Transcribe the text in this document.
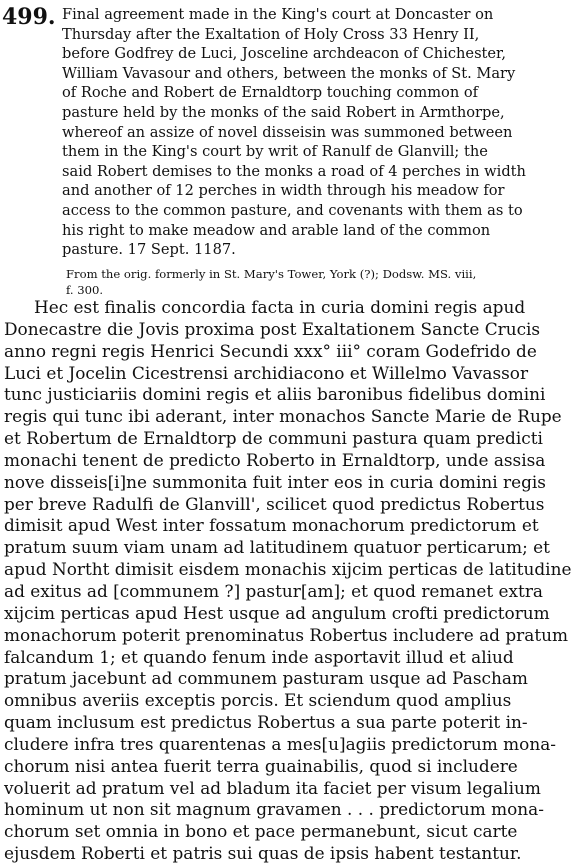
499. Final agreement made in the King's court at Doncaster on
Thursday after the Exaltation of Holy Cross 33 Henry II,
before Godfrey de Luci, Josceline archdeacon of Chichester,
William Vavasour and others, between the monks of St. Mary
of Roche and Robert de Ernaldtorp touching common of
pasture held by the monks of the said Robert in Armthorpe,
whereof an assize of novel disseisin was summoned between
them in the King's court by writ of Ranulf de Glanvill; the
said Robert demises to the monks a road of 4 perches in width
and another of 12 perches in width through his meadow for
access to the common pasture, and covenants with them as to
his right to make meadow and arable land of the common
pasture. 17 Sept. 1187.
From the orig. formerly in St. Mary's Tower, York (?); Dodsw. MS. viii,
f. 300.
Hec est finalis concordia facta in curia domini regis apud
Donecastre die Jovis proxima post Exaltationem Sancte Crucis
anno regni regis Henrici Secundi xxx° iii° coram Godefrido de
Luci et Jocelin Cicestrensi archidiacono et Willelmo Vavassor
tunc justiciariis domini regis et aliis baronibus fidelibus domini
regis qui tunc ibi aderant, inter monachos Sancte Marie de Rupe
et Robertum de Ernaldtorp de communi pastura quam predicti
monachi tenent de predicto Roberto in Ernaldtorp, unde assisa
nove disseis[i]ne summonita fuit inter eos in curia domini regis
per breve Radulfi de Glanvill', scilicet quod predictus Robertus
dimisit apud West inter fossatum monachorum predictorum et
pratum suum viam unam ad latitudinem quatuor perticarum; et
apud Northt dimisit eisdem monachis xijcim perticas de latitudine
ad exitus ad [communem ?] pastur[am]; et quod remanet extra
xijcim perticas apud Hest usque ad angulum crofti predictorum
monachorum poterit prenominatus Robertus includere ad pratum
falcandum 1; et quando fenum inde asportavit illud et aliud
pratum jacebunt ad communem pasturam usque ad Pascham
omnibus averiis exceptis porcis. Et sciendum quod amplius
quam inclusum est predictus Robertus a sua parte poterit in-
cludere infra tres quarentenas a mes[u]agiis predictorum mona-
chorum nisi antea fuerit terra guainabilis, quod si includere
voluerit ad pratum vel ad bladum ita faciet per visum legalium
hominum ut non sit magnum gravamen . . . predictorum mona-
chorum set omnia in bono et pace permanebunt, sicut carte
ejusdem Roberti et patris sui quas de ipsis habent testantur.
